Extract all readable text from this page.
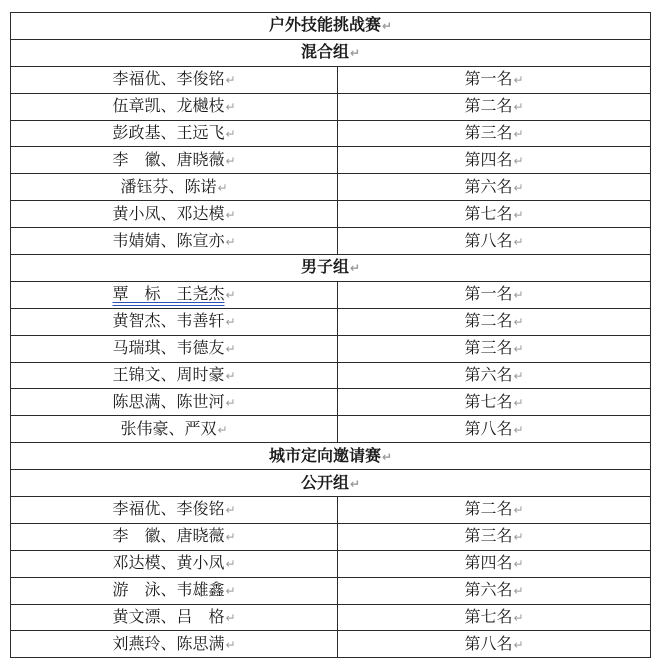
户外技能挑战赛↵	
混合组↵	
李福优、李俊铭↵	第一名↵
伍章凯、龙樾枝↵	第二名↵
彭政基、王远飞↵	第三名↵
李　徽、唐晓薇↵	第四名↵
潘钰芬、陈诺↵	第六名↵
黄小凤、邓达模↵	第七名↵
韦婧婧、陈宣亦↵	第八名↵
男子组↵	
覃　标　王尧杰↵	第一名↵
黄智杰、韦善轩↵	第二名↵
马瑞琪、韦德友↵	第三名↵
王锦文、周时豪↵	第六名↵
陈思满、陈世河↵	第七名↵
张伟豪、严双↵	第八名↵
城市定向邀请赛↵	
公开组↵	
李福优、李俊铭↵	第二名↵
李　徽、唐晓薇↵	第三名↵
邓达模、黄小凤↵	第四名↵
游　泳、韦雄鑫↵	第六名↵
黄文漂、吕　格↵	第七名↵
刘燕玲、陈思满↵	第八名↵
